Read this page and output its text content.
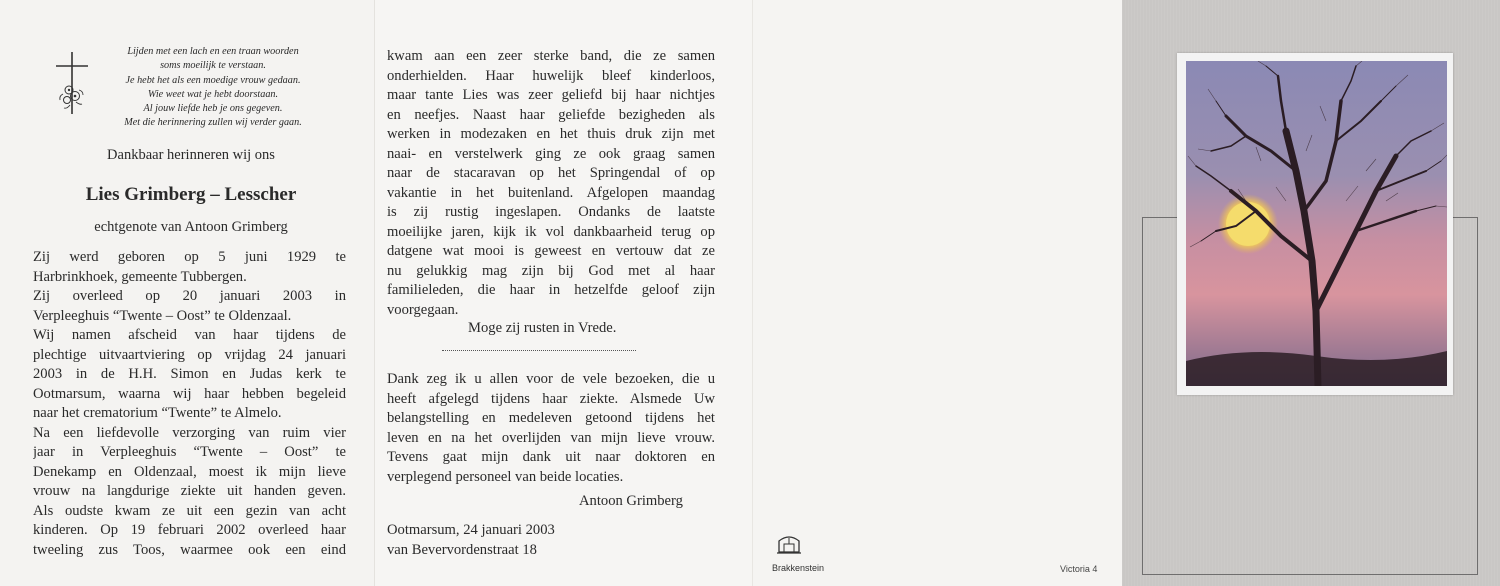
Lijden met een lach en een traan woorden
soms moeilijk te verstaan.
Je hebt het als een moedige vrouw gedaan.
Wie weet wat je hebt doorstaan.
Al jouw liefde heb je ons gegeven.
Met die herinnering zullen wij verder gaan.
Dankbaar herinneren wij ons
Lies Grimberg – Lesscher
echtgenote van Antoon Grimberg
Zij werd geboren op 5 juni 1929 te
Harbrinkhoek, gemeente Tubbergen.
Zij overleed op 20 januari 2003 in
Verpleeghuis “Twente – Oost” te Oldenzaal.
Wij namen afscheid van haar tijdens de
plechtige uitvaartviering op vrijdag 24 januari
2003 in de H.H. Simon en Judas kerk te
Ootmarsum, waarna wij haar hebben begeleid
naar het crematorium “Twente” te Almelo.
Na een liefdevolle verzorging van ruim vier
jaar in Verpleeghuis “Twente – Oost” te
Denekamp en Oldenzaal, moest ik mijn lieve
vrouw na langdurige ziekte uit handen geven.
Als oudste kwam ze uit een gezin van acht
kinderen. Op 19 februari 2002 overleed haar
tweeling zus Toos, waarmee ook een eind
kwam aan een zeer sterke band, die ze samen
onderhielden. Haar huwelijk bleef kinderloos,
maar tante Lies was zeer geliefd bij haar nichtjes
en neefjes. Naast haar geliefde bezigheden als
werken in modezaken en het thuis druk zijn met
naai- en verstelwerk ging ze ook graag samen
naar de stacaravan op het Springendal of op
vakantie in het buitenland. Afgelopen maandag
is zij rustig ingeslapen. Ondanks de laatste
moeilijke jaren, kijk ik vol dankbaarheid terug op
datgene wat mooi is geweest en vertouw dat ze
nu gelukkig mag zijn bij God met al haar
familieleden, die haar in hetzelfde geloof zijn
voorgegaan.
Moge zij rusten in Vrede.
Dank zeg ik u allen voor de vele bezoeken, die u
heeft afgelegd tijdens haar ziekte. Alsmede Uw
belangstelling en medeleven getoond tijdens het
leven en na het overlijden van mijn lieve vrouw.
Tevens gaat mijn dank uit naar doktoren en
verplegend personeel van beide locaties.
Antoon Grimberg
Ootmarsum, 24 januari 2003
van Bevervordenstraat 18
Brakkenstein	Victoria 4
